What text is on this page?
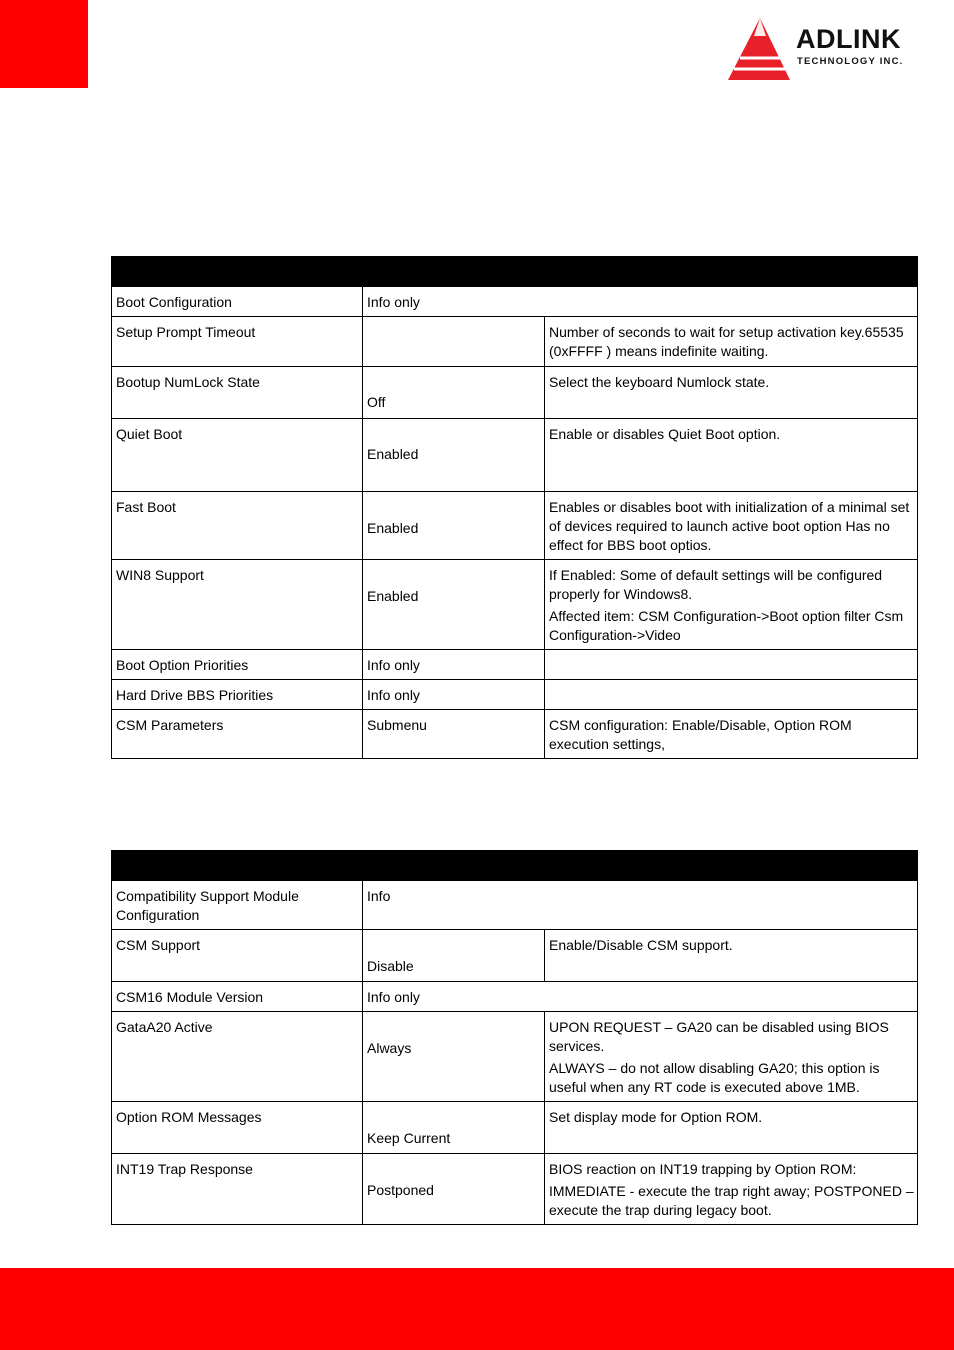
ADLINK
TECHNOLOGY INC.

Boot Configuration	Info only	
Setup Prompt Timeout		Number of seconds to wait for setup activation key.65535 (0xFFFF ) means indefinite waiting.

Bootup NumLock State	Off	Select the keyboard Numlock state.

Quiet Boot	Enabled	Enable or disables Quiet Boot option.

Fast Boot	Enabled	Enables or disables boot with initialization of a minimal set of devices required to launch active boot option Has no effect for BBS boot optios.

WIN8 Support	Enabled	If Enabled: Some of default settings will be configured properly for Windows8.
Affected item: CSM Configuration->Boot option filter Csm Configuration->Video

Boot Option Priorities	Info only	
Hard Drive BBS Priorities	Info only	
CSM Parameters	Submenu	CSM configuration: Enable/Disable, Option ROM execution settings,

Compatibility Support Module Configuration	Info	
CSM Support	Disable	Enable/Disable CSM support.

CSM16 Module Version	Info only	
GataA20 Active	Always	UPON REQUEST – GA20 can be disabled using BIOS services.
ALWAYS – do not allow disabling GA20; this option is useful when any RT code is executed above 1MB.

Option ROM Messages	Keep Current	Set display mode for Option ROM.

INT19 Trap Response	Postponed	BIOS reaction on INT19 trapping by Option ROM:
IMMEDIATE - execute the trap right away; POSTPONED – execute the trap during legacy boot.
